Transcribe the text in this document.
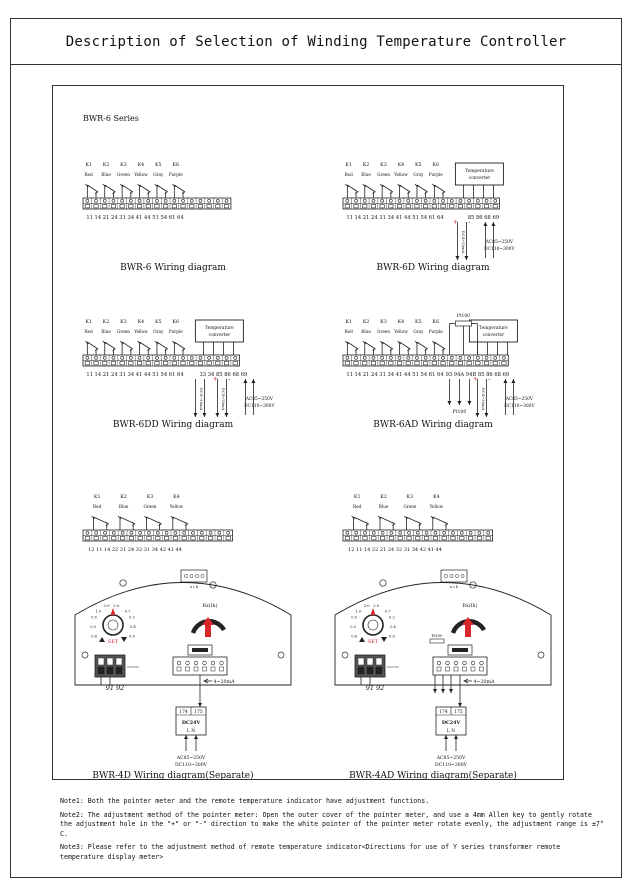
Description of Selection of Winding Temperature Controller
BWR-6 Series
K1
Red
K2
Blue
K3
Green
K4
Yellow
K5
Gray
K6
Purple
11 14 21 24 31 34 41 44 51 54 61 64
BWR-6 Wiring diagram
K1
Red
K2
Blue
K3
Green
K4
Yellow
K5
Gray
K6
Purple
11 14 21 24 31 34 41 44 51 54 61 64
Temperature
converter
85 86 68 69
+ -
DC4~20mA	AC85~250V
DC110~300V
BWR-6D Wiring diagram
K1
Red
K2
Blue
K3
Green
K4
Yellow
K5
Gray
K6
Purple
11 14 21 24 31 34 41 44 51 54 61 64
Temperature
converter
33 34 85 86 68 69
+ -
DC4~20mA
DC4~20mA	AC85~250V
DC110~300V
BWR-6DD Wiring diagram
K1
Red
K2
Blue
K3
Green
K4
Yellow
K5
Gray
K6
Purple
11 14 21 24 31 34 41 44 51 54 61 64
Temperature
converter
93 94A 94B 85 86 68 69
+ -
DC4~20mA	AC85~250V
DC110~300V
Pt100
Pt100
BWR-6AD Wiring diagram
K1
Red
K2
Blue
K3
Green
K4
Yellow
12 11 14 22 21 24 32 31 34 42 41 44
a c b
1.0
2.0 3.0
0.7
0.5	0.2
0.3	0.4
0.6	0.8
SET
Rx(Ih)
91 92
4~20mA
174 175
DC24V
L N
AC85~250V
DC110~300V
BWR-4D Wiring diagram(Separate)
K1
Red
K2
Blue
K3
Green
K4
Yellow
12 11 14 22 21 24 32 31 34 42 41 44
a c b
1.0
2.0 3.0
0.7
0.5	0.2
0.3	0.4
0.6	0.8
SET
Rx(Ih)
91 92
Pt100
4~20mA
174 175
DC24V
L N
AC85~250V
DC110~300V
BWR-4AD Wiring diagram(Separate)

Note1: Both the pointer meter and the remote temperature indicator have adjustment functions.

Note2: The adjustment method of the pointer meter: Open the outer cover of the pointer meter, and use a 4mm Allen key to gently rotate the adjustment hole in the "+" or "-" direction to make the white pointer of the pointer meter rotate evenly, the adjustment range is ±7° C.

Note3: Please refer to the adjustment method of remote temperature indicator<Directions for use of Y series transformer remote temperature display meter>
